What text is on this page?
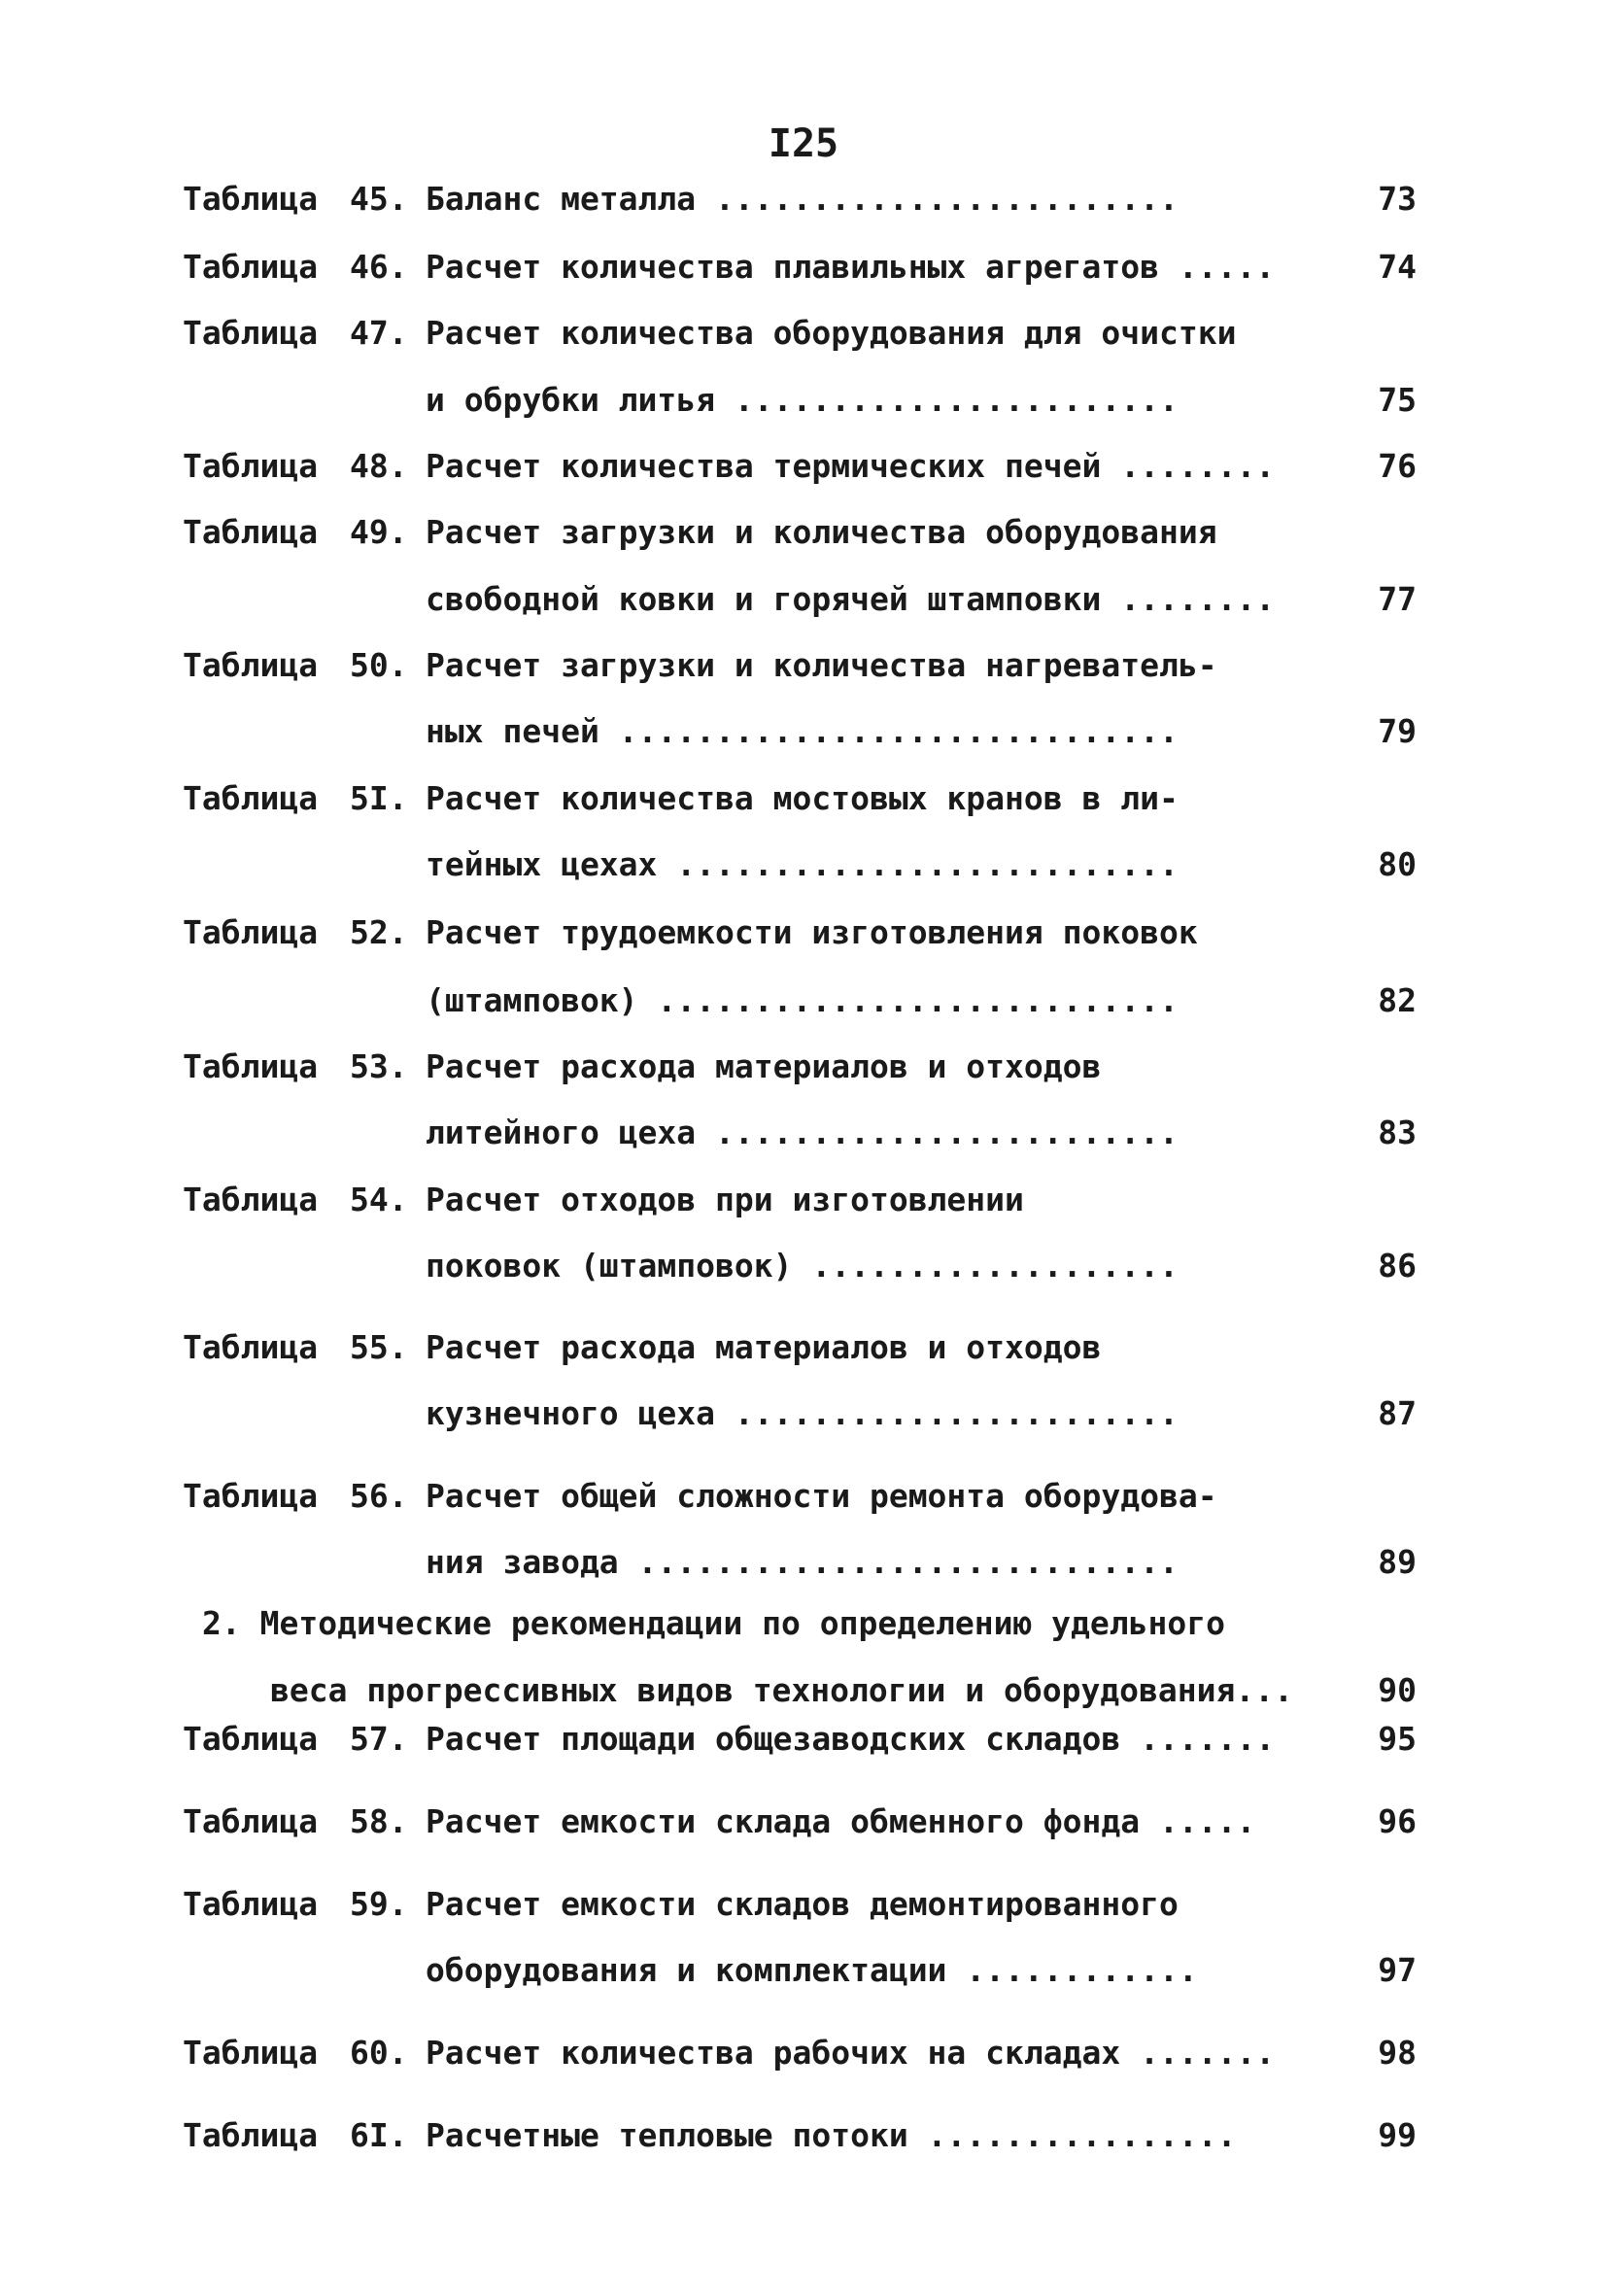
I25
Таблица 45. Баланс металла ........................	73
Таблица 46. Расчет количества плавильных агрегатов .....	74
Таблица 47. Расчет количества оборудования для очистки
и обрубки литья .......................	75
Таблица 48. Расчет количества термических печей ........	76
Таблица 49. Расчет загрузки и количества оборудования
свободной ковки и горячей штамповки ........	77
Таблица 50. Расчет загрузки и количества нагреватель-
ных печей .............................	79
Таблица 5I. Расчет количества мостовых кранов в ли-
тейных цехах ..........................	80
Таблица 52. Расчет трудоемкости изготовления поковок
(штамповок) ...........................	82
Таблица 53. Расчет расхода материалов и отходов
литейного цеха ........................	83
Таблица 54. Расчет отходов при изготовлении
поковок (штамповок) ...................	86
Таблица 55. Расчет расхода материалов и отходов
кузнечного цеха .......................	87
Таблица 56. Расчет общей сложности ремонта оборудова-
ния завода ............................	89
2. Методические рекомендации по определению удельного
веса прогрессивных видов технологии и оборудования...	90
Таблица 57. Расчет площади общезаводских складов .......	95
Таблица 58. Расчет емкости склада обменного фонда .....	96
Таблица 59. Расчет емкости складов демонтированного
оборудования и комплектации ............	97
Таблица 60. Расчет количества рабочих на складах .......	98
Таблица 6I. Расчетные тепловые потоки ................	99
